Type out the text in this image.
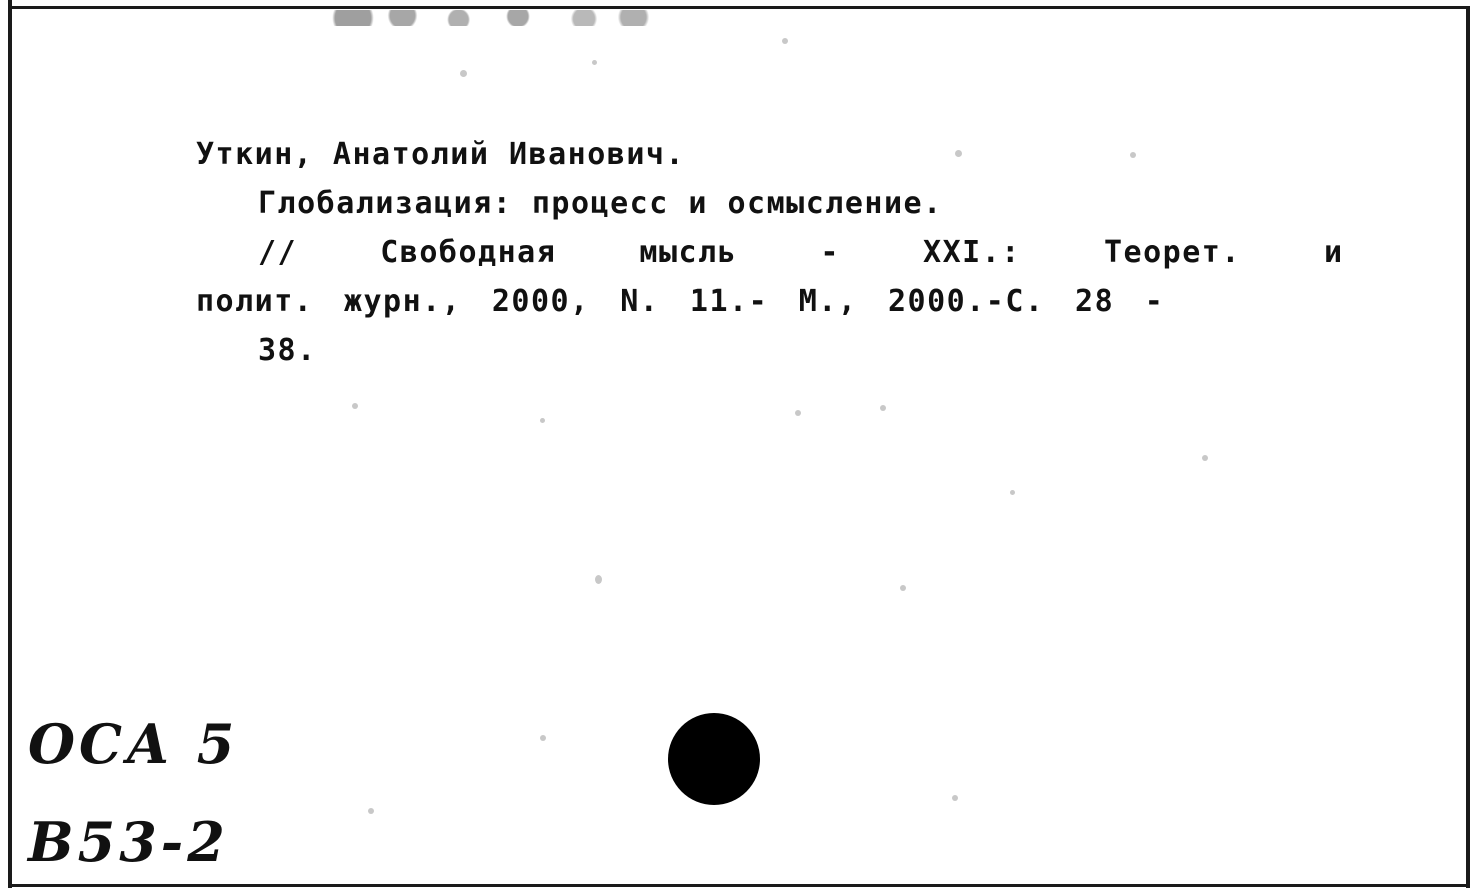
Уткин, Анатолий Иванович.
Глобализация: процесс и осмысление.
//  Свободная  мысль  -  XXI.:  Теорет.  и
полит. журн., 2000, N. 11.- М., 2000.-С. 28 -
38.
ОСА 5
В53-2
